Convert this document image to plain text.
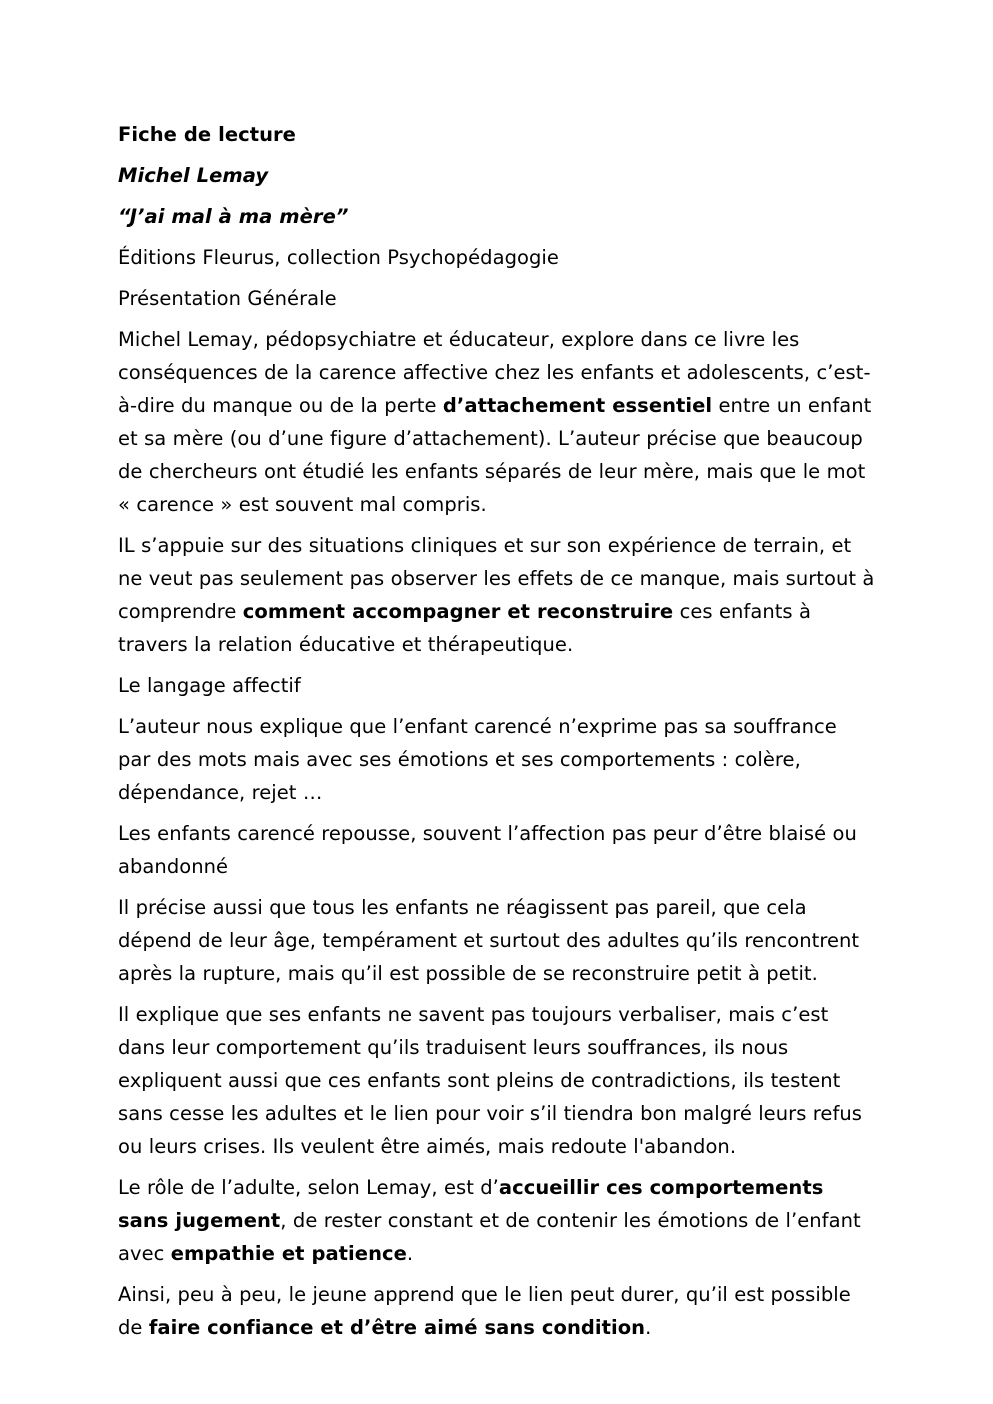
Fiche de lecture

Michel Lemay

“J’ai mal à ma mère”

Éditions Fleurus, collection Psychopédagogie

Présentation Générale

Michel Lemay, pédopsychiatre et éducateur, explore dans ce livre les conséquences de la carence affective chez les enfants et adolescents, c’est-à-dire du manque ou de la perte d’attachement essentiel entre un enfant et sa mère (ou d’une figure d’attachement). L’auteur précise que beaucoup de chercheurs ont étudié les enfants séparés de leur mère, mais que le mot « carence » est souvent mal compris.

IL s’appuie sur des situations cliniques et sur son expérience de terrain, et ne veut pas seulement pas observer les effets de ce manque, mais surtout à comprendre comment accompagner et reconstruire ces enfants à travers la relation éducative et thérapeutique.

Le langage affectif

L’auteur nous explique que l’enfant carencé n’exprime pas sa souffrance par des mots mais avec ses émotions et ses comportements : colère, dépendance, rejet …

Les enfants carencé repousse, souvent l’affection pas peur d’être blaisé ou abandonné

Il précise aussi que tous les enfants ne réagissent pas pareil, que cela dépend de leur âge, tempérament et surtout des adultes qu’ils rencontrent après la rupture, mais qu’il est possible de se reconstruire petit à petit.

Il explique que ses enfants ne savent pas toujours verbaliser, mais c’est dans leur comportement qu’ils traduisent leurs souffrances, ils nous expliquent aussi que ces enfants sont pleins de contradictions, ils testent sans cesse les adultes et le lien pour voir s’il tiendra bon malgré leurs refus ou leurs crises. Ils veulent être aimés, mais redoute l'abandon.

Le rôle de l’adulte, selon Lemay, est d’accueillir ces comportements sans jugement, de rester constant et de contenir les émotions de l’enfant avec empathie et patience.

Ainsi, peu à peu, le jeune apprend que le lien peut durer, qu’il est possible de faire confiance et d’être aimé sans condition.
